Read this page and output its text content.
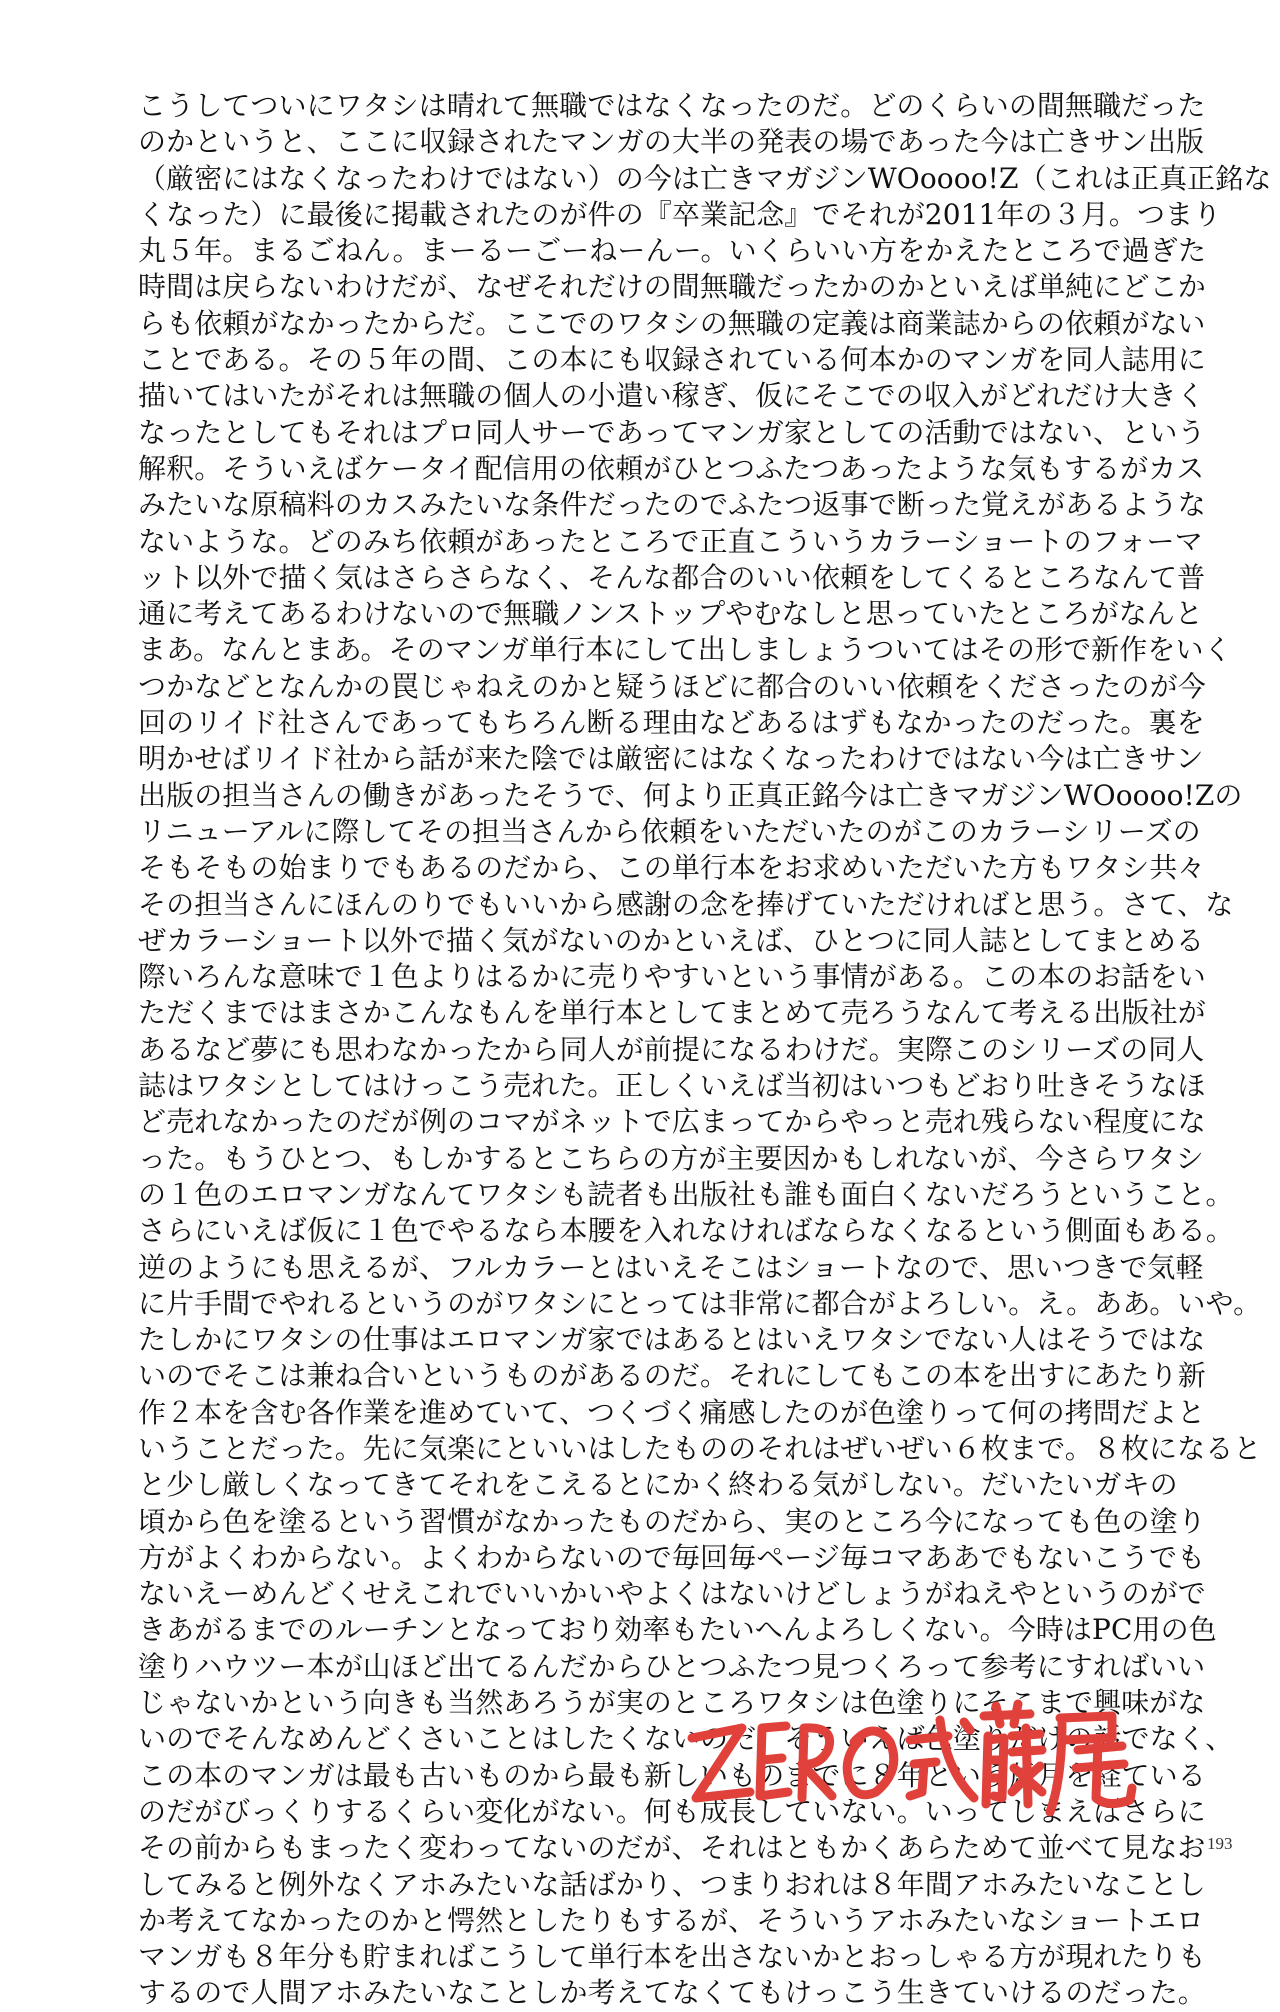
こうしてついにワタシは晴れて無職ではなくなったのだ。どのくらいの間無職だった
のかというと、ここに収録されたマンガの大半の発表の場であった今は亡きサン出版
（厳密にはなくなったわけではない）の今は亡きマガジンWOoooo!Z（これは正真正銘な
くなった）に最後に掲載されたのが件の『卒業記念』でそれが2011年の３月。つまり
丸５年。まるごねん。まーるーごーねーんー。いくらいい方をかえたところで過ぎた
時間は戻らないわけだが、なぜそれだけの間無職だったかのかといえば単純にどこか
らも依頼がなかったからだ。ここでのワタシの無職の定義は商業誌からの依頼がない
ことである。その５年の間、この本にも収録されている何本かのマンガを同人誌用に
描いてはいたがそれは無職の個人の小遣い稼ぎ、仮にそこでの収入がどれだけ大きく
なったとしてもそれはプロ同人サーであってマンガ家としての活動ではない、という
解釈。そういえばケータイ配信用の依頼がひとつふたつあったような気もするがカス
みたいな原稿料のカスみたいな条件だったのでふたつ返事で断った覚えがあるような
ないような。どのみち依頼があったところで正直こういうカラーショートのフォーマ
ット以外で描く気はさらさらなく、そんな都合のいい依頼をしてくるところなんて普
通に考えてあるわけないので無職ノンストップやむなしと思っていたところがなんと
まあ。なんとまあ。そのマンガ単行本にして出しましょうついてはその形で新作をいく
つかなどとなんかの罠じゃねえのかと疑うほどに都合のいい依頼をくださったのが今
回のリイド社さんであってもちろん断る理由などあるはずもなかったのだった。裏を
明かせばリイド社から話が来た陰では厳密にはなくなったわけではない今は亡きサン
出版の担当さんの働きがあったそうで、何より正真正銘今は亡きマガジンWOoooo!Zの
リニューアルに際してその担当さんから依頼をいただいたのがこのカラーシリーズの
そもそもの始まりでもあるのだから、この単行本をお求めいただいた方もワタシ共々
その担当さんにほんのりでもいいから感謝の念を捧げていただければと思う。さて、な
ぜカラーショート以外で描く気がないのかといえば、ひとつに同人誌としてまとめる
際いろんな意味で１色よりはるかに売りやすいという事情がある。この本のお話をい
ただくまではまさかこんなもんを単行本としてまとめて売ろうなんて考える出版社が
あるなど夢にも思わなかったから同人が前提になるわけだ。実際このシリーズの同人
誌はワタシとしてはけっこう売れた。正しくいえば当初はいつもどおり吐きそうなほ
ど売れなかったのだが例のコマがネットで広まってからやっと売れ残らない程度にな
った。もうひとつ、もしかするとこちらの方が主要因かもしれないが、今さらワタシ
の１色のエロマンガなんてワタシも読者も出版社も誰も面白くないだろうということ。
さらにいえば仮に１色でやるなら本腰を入れなければならなくなるという側面もある。
逆のようにも思えるが、フルカラーとはいえそこはショートなので、思いつきで気軽
に片手間でやれるというのがワタシにとっては非常に都合がよろしい。え。ああ。いや。
たしかにワタシの仕事はエロマンガ家ではあるとはいえワタシでない人はそうではな
いのでそこは兼ね合いというものがあるのだ。それにしてもこの本を出すにあたり新
作２本を含む各作業を進めていて、つくづく痛感したのが色塗りって何の拷問だよと
いうことだった。先に気楽にといいはしたもののそれはぜいぜい６枚まで。８枚になると
と少し厳しくなってきてそれをこえるとにかく終わる気がしない。だいたいガキの
頃から色を塗るという習慣がなかったものだから、実のところ今になっても色の塗り
方がよくわからない。よくわからないので毎回毎ページ毎コマああでもないこうでも
ないえーめんどくせえこれでいいかいやよくはないけどしょうがねえやというのがで
きあがるまでのルーチンとなっており効率もたいへんよろしくない。今時はPC用の色
塗りハウツー本が山ほど出てるんだからひとつふたつ見つくろって参考にすればいい
じゃないかという向きも当然あろうが実のところワタシは色塗りにそこまで興味がな
いのでそんなめんどくさいことはしたくないのだ。そういえば色塗りだけの話でなく、
この本のマンガは最も古いものから最も新しいものまでに８年という歳月を経ている
のだがびっくりするくらい変化がない。何も成長していない。いってしまえばさらに
その前からもまったく変わってないのだが、それはともかくあらためて並べて見なお
してみると例外なくアホみたいな話ばかり、つまりおれは８年間アホみたいなことし
か考えてなかったのかと愕然としたりもするが、そういうアホみたいなショートエロ
マンガも８年分も貯まればこうして単行本を出さないかとおっしゃる方が現れたりも
するので人間アホみたいなことしか考えてなくてもけっこう生きていけるのだった。
193
